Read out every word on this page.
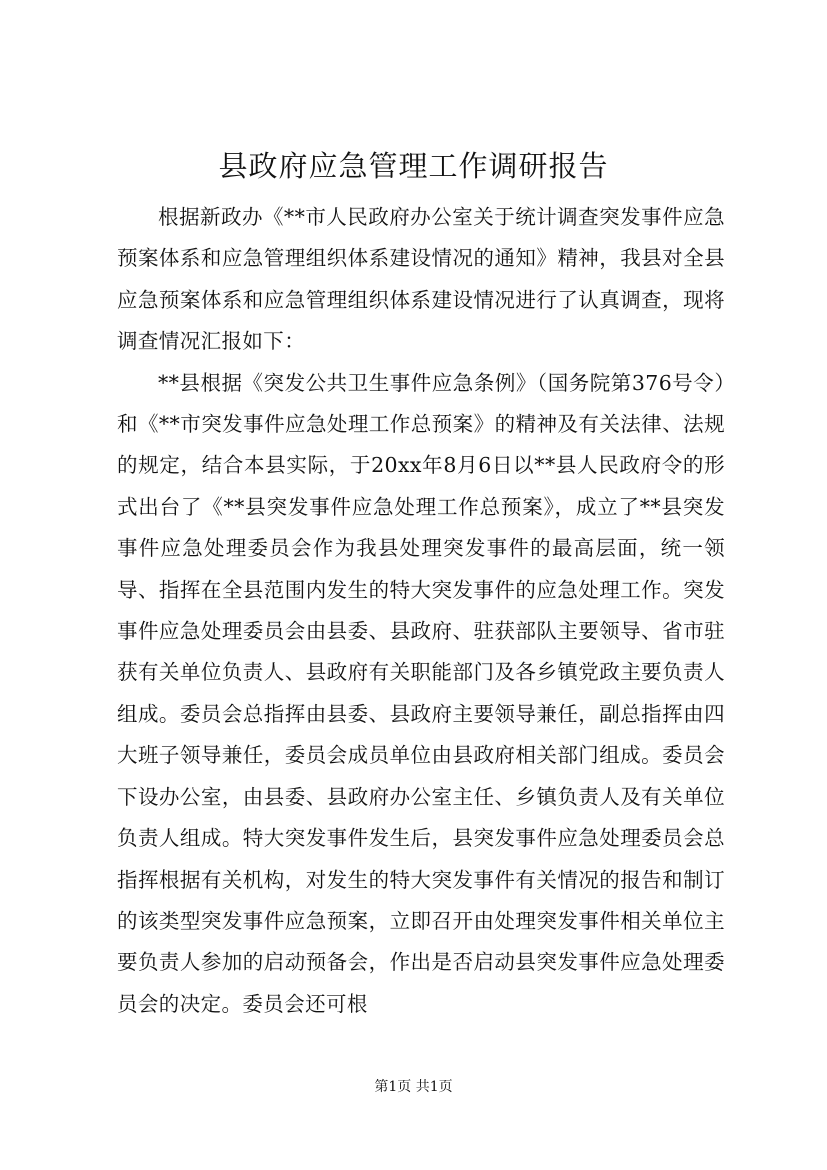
县政府应急管理工作调研报告

根据新政办《**市人民政府办公室关于统计调查突发事件应急预案体系和应急管理组织体系建设情况的通知》精神，我县对全县应急预案体系和应急管理组织体系建设情况进行了认真调查，现将调查情况汇报如下：

**县根据《突发公共卫生事件应急条例》（国务院第376号令）和《**市突发事件应急处理工作总预案》的精神及有关法律、法规的规定，结合本县实际，于20xx年8月6日以**县人民政府令的形式出台了《**县突发事件应急处理工作总预案》，成立了**县突发事件应急处理委员会作为我县处理突发事件的最高层面，统一领导、指挥在全县范围内发生的特大突发事件的应急处理工作。突发事件应急处理委员会由县委、县政府、驻获部队主要领导、省市驻获有关单位负责人、县政府有关职能部门及各乡镇党政主要负责人组成。委员会总指挥由县委、县政府主要领导兼任，副总指挥由四大班子领导兼任，委员会成员单位由县政府相关部门组成。委员会下设办公室，由县委、县政府办公室主任、乡镇负责人及有关单位负责人组成。特大突发事件发生后，县突发事件应急处理委员会总指挥根据有关机构，对发生的特大突发事件有关情况的报告和制订的该类型突发事件应急预案，立即召开由处理突发事件相关单位主要负责人参加的启动预备会，作出是否启动县突发事件应急处理委员会的决定。委员会还可根

第1页 共1页
